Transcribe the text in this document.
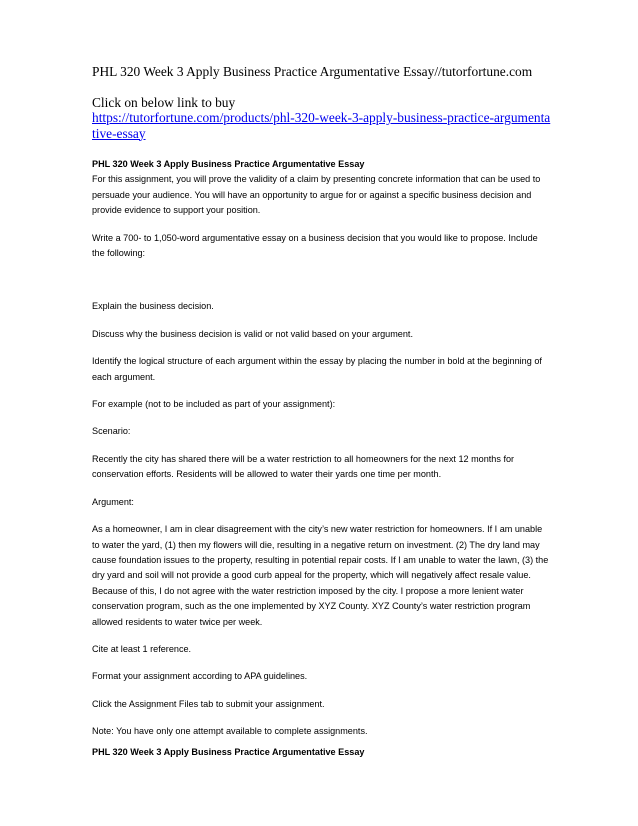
PHL 320 Week 3 Apply Business Practice Argumentative Essay//tutorfortune.com

Click on below link to buy
https://tutorfortune.com/products/phl-320-week-3-apply-business-practice-argumentative-essay

PHL 320 Week 3 Apply Business Practice Argumentative Essay

For this assignment, you will prove the validity of a claim by presenting concrete information that can be used to persuade your audience. You will have an opportunity to argue for or against a specific business decision and provide evidence to support your position.

Write a 700- to 1,050-word argumentative essay on a business decision that you would like to propose. Include the following:

Explain the business decision.

Discuss why the business decision is valid or not valid based on your argument.

Identify the logical structure of each argument within the essay by placing the number in bold at the beginning of each argument.

For example (not to be included as part of your assignment):

Scenario:

Recently the city has shared there will be a water restriction to all homeowners for the next 12 months for conservation efforts. Residents will be allowed to water their yards one time per month.

Argument:

As a homeowner, I am in clear disagreement with the city’s new water restriction for homeowners. If I am unable to water the yard, (1) then my flowers will die, resulting in a negative return on investment. (2) The dry land may cause foundation issues to the property, resulting in potential repair costs. If I am unable to water the lawn, (3) the dry yard and soil will not provide a good curb appeal for the property, which will negatively affect resale value. Because of this, I do not agree with the water restriction imposed by the city. I propose a more lenient water conservation program, such as the one implemented by XYZ County. XYZ County’s water restriction program allowed residents to water twice per week.

Cite at least 1 reference.

Format your assignment according to APA guidelines.

Click the Assignment Files tab to submit your assignment.

Note: You have only one attempt available to complete assignments.

PHL 320 Week 3 Apply Business Practice Argumentative Essay
